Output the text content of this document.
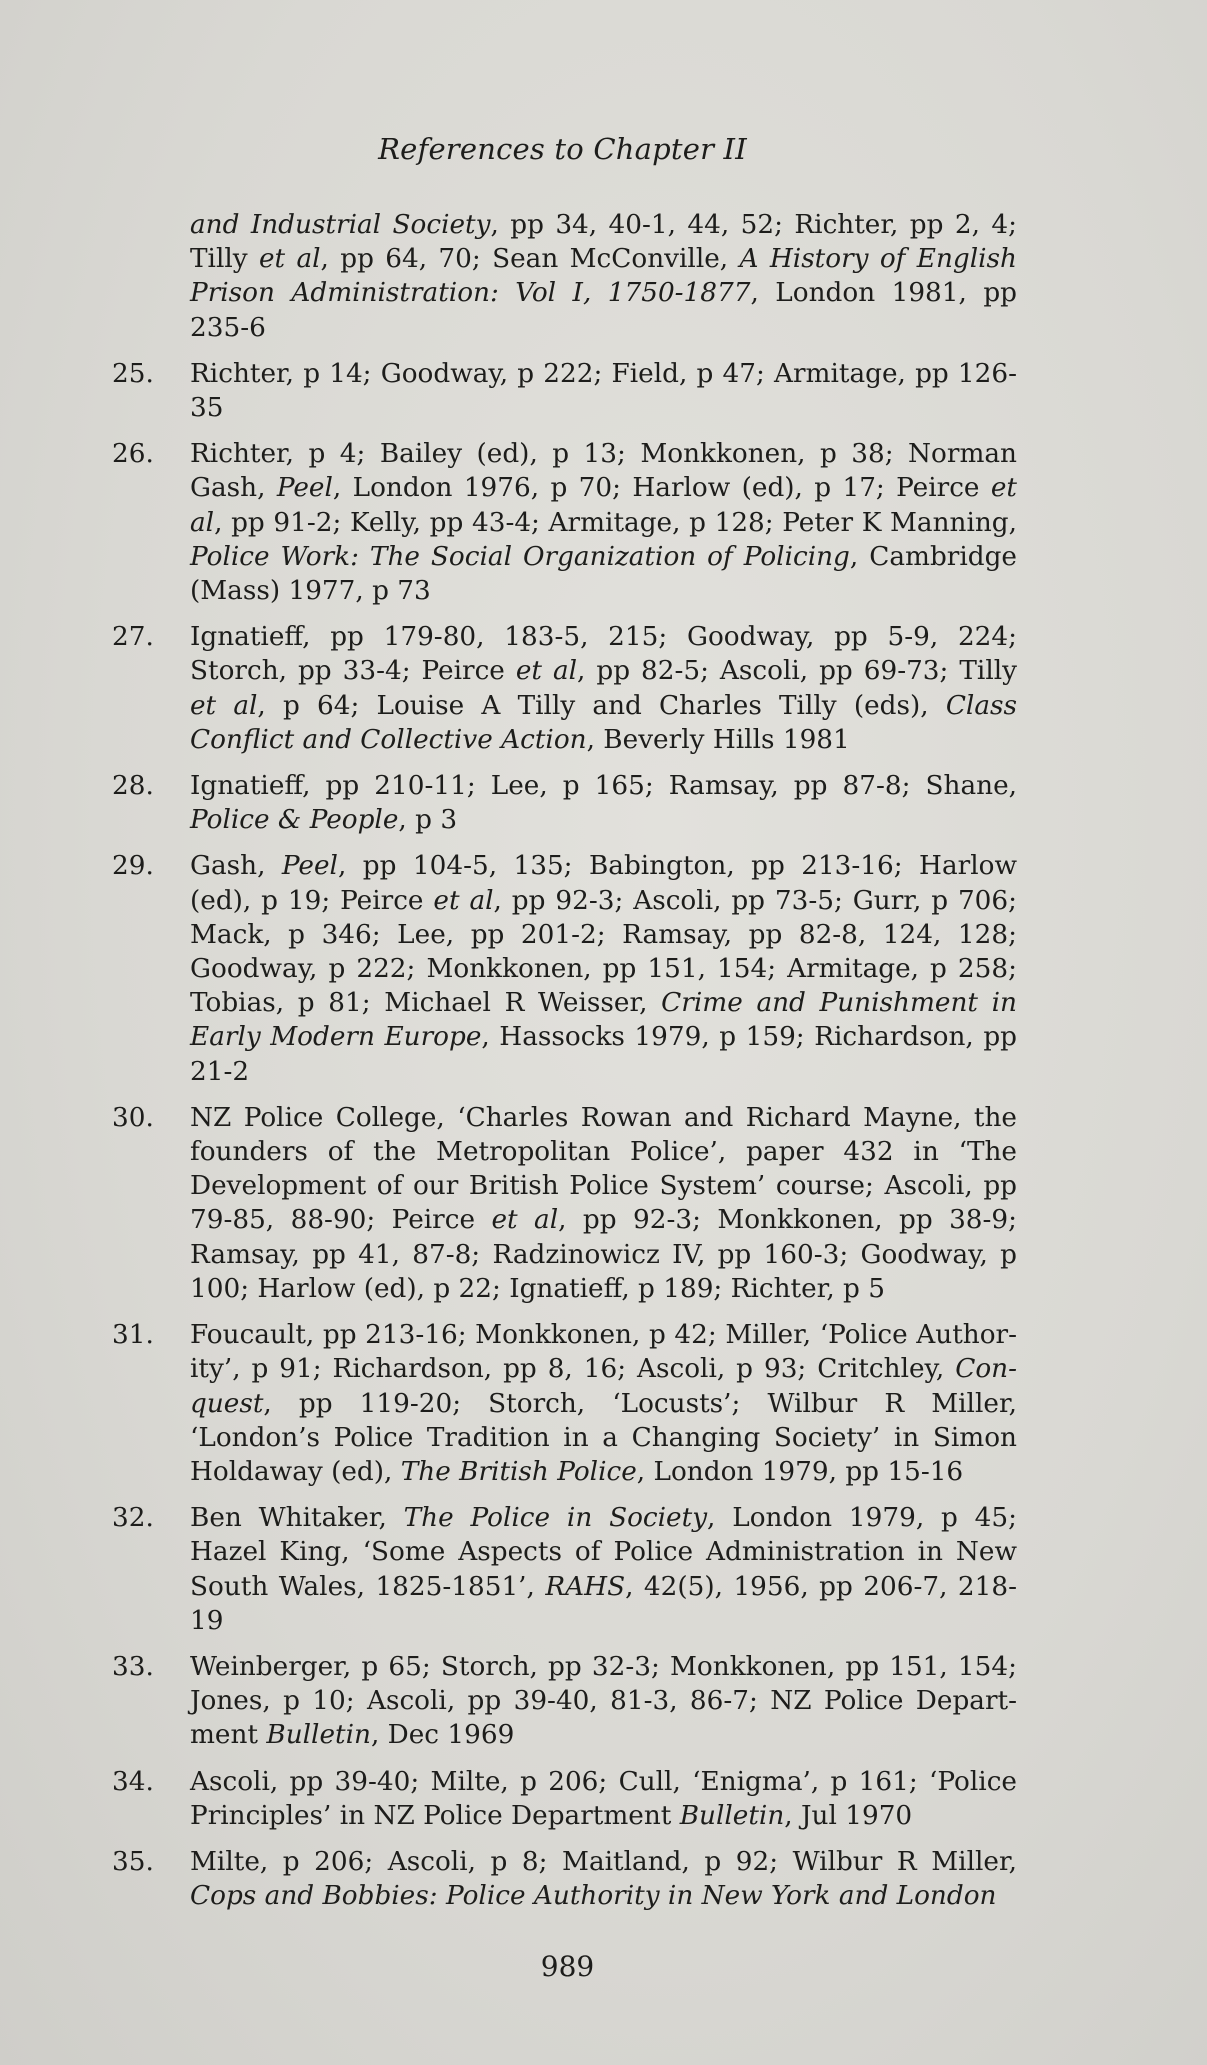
References to Chapter II
and Industrial Society, pp 34, 40-1, 44, 52; Richter, pp 2, 4; Tilly et al, pp 64, 70; Sean McConville, A History of English Prison Administration: Vol I, 1750-1877, London 1981, pp 235-6
25.	Richter, p 14; Goodway, p 222; Field, p 47; Armitage, pp 126-35
26.	Richter, p 4; Bailey (ed), p 13; Monkkonen, p 38; Norman Gash, Peel, London 1976, p 70; Harlow (ed), p 17; Peirce et al, pp 91-2; Kelly, pp 43-4; Armitage, p 128; Peter K Manning, Police Work: The Social Organization of Policing, Cambridge (Mass) 1977, p 73
27.	Ignatieff, pp 179-80, 183-5, 215; Goodway, pp 5-9, 224; Storch, pp 33-4; Peirce et al, pp 82-5; Ascoli, pp 69-73; Tilly et al, p 64; Louise A Tilly and Charles Tilly (eds), Class Conflict and Collective Action, Beverly Hills 1981
28.	Ignatieff, pp 210-11; Lee, p 165; Ramsay, pp 87-8; Shane, Police & People, p 3
29.	Gash, Peel, pp 104-5, 135; Babington, pp 213-16; Harlow (ed), p 19; Peirce et al, pp 92-3; Ascoli, pp 73-5; Gurr, p 706; Mack, p 346; Lee, pp 201-2; Ramsay, pp 82-8, 124, 128; Goodway, p 222; Monkkonen, pp 151, 154; Armitage, p 258; Tobias, p 81; Michael R Weisser, Crime and Punishment in Early Modern Europe, Hassocks 1979, p 159; Richardson, pp 21-2
30.	NZ Police College, ‘Charles Rowan and Richard Mayne, the founders of the Metropolitan Police’, paper 432 in ‘The Development of our British Police System’ course; Ascoli, pp 79-85, 88-90; Peirce et al, pp 92-3; Monkkonen, pp 38-9; Ramsay, pp 41, 87-8; Radzinowicz IV, pp 160-3; Goodway, p 100; Harlow (ed), p 22; Ignatieff, p 189; Richter, p 5
31.	Foucault, pp 213-16; Monkkonen, p 42; Miller, ‘Police Authority’, p 91; Richardson, pp 8, 16; Ascoli, p 93; Critchley, Conquest, pp 119-20; Storch, ‘Locusts’; Wilbur R Miller, ‘London’s Police Tradition in a Changing Society’ in Simon Holdaway (ed), The British Police, London 1979, pp 15-16
32.	Ben Whitaker, The Police in Society, London 1979, p 45; Hazel King, ‘Some Aspects of Police Administration in New South Wales, 1825-1851’, RAHS, 42(5), 1956, pp 206-7, 218-19
33.	Weinberger, p 65; Storch, pp 32-3; Monkkonen, pp 151, 154; Jones, p 10; Ascoli, pp 39-40, 81-3, 86-7; NZ Police Department Bulletin, Dec 1969
34.	Ascoli, pp 39-40; Milte, p 206; Cull, ‘Enigma’, p 161; ‘Police Principles’ in NZ Police Department Bulletin, Jul 1970
35.	Milte, p 206; Ascoli, p 8; Maitland, p 92; Wilbur R Miller, Cops and Bobbies: Police Authority in New York and London
989
